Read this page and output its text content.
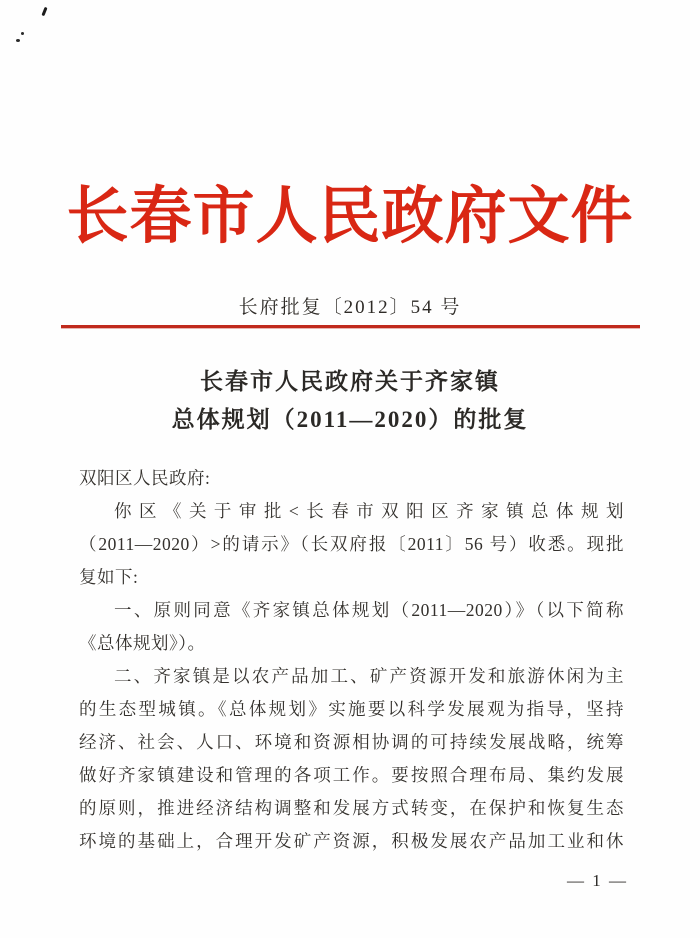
长春市人民政府文件
长府批复〔2012〕54 号
长春市人民政府关于齐家镇
总体规划（2011—2020）的批复
双阳区人民政府:
你区《关于审批<长春市双阳区齐家镇总体规划
（2011—2020）>的请示》（长双府报〔2011〕56 号）收悉。现批
复如下:
一、原则同意《齐家镇总体规划（2011—2020）》（以下简称
《总体规划》）。
二、齐家镇是以农产品加工、矿产资源开发和旅游休闲为主
的生态型城镇。《总体规划》实施要以科学发展观为指导，坚持
经济、社会、人口、环境和资源相协调的可持续发展战略，统筹
做好齐家镇建设和管理的各项工作。要按照合理布局、集约发展
的原则，推进经济结构调整和发展方式转变，在保护和恢复生态
环境的基础上，合理开发矿产资源，积极发展农产品加工业和休
— 1 —
